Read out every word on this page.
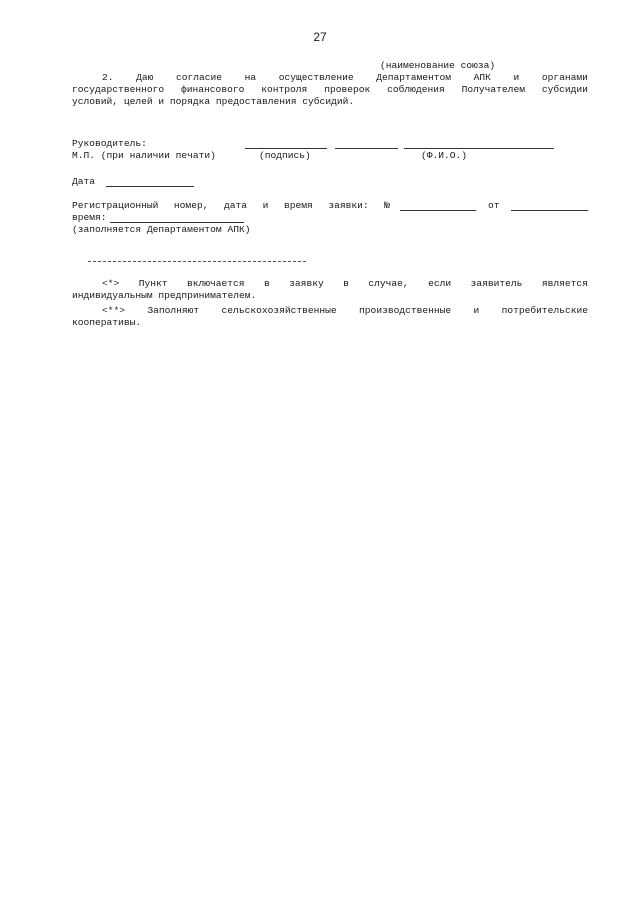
27
(наименование союза)
2. Даю согласие на осуществление Департаментом АПК и органами
государственного финансового контроля проверок соблюдения Получателем субсидии
условий, целей и порядка предоставления субсидий.
Руководитель:
М.П. (при наличии печати)	(подпись)	(Ф.И.О.)
Дата
Регистрационный номер, дата и время заявки: №	от
время:
(заполняется Департаментом АПК)
<*> Пункт включается в заявку в случае, если заявитель является
индивидуальным предпринимателем.
<**> Заполняют сельскохозяйственные производственные и потребительские
кооперативы.
